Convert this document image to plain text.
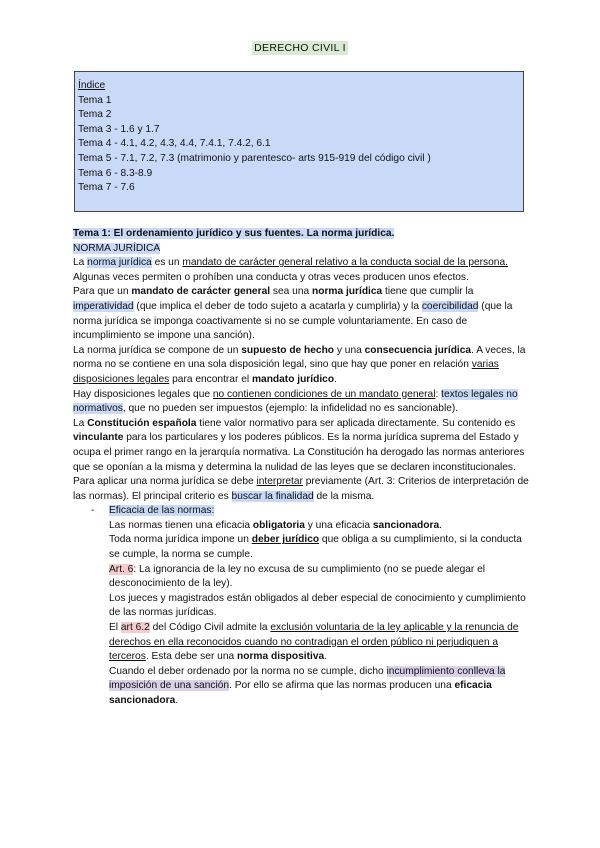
DERECHO CIVIL I
Índice
Tema 1
Tema 2
Tema 3 - 1.6 y 1.7
Tema 4 - 4.1, 4.2, 4.3, 4.4, 7.4.1, 7.4.2, 6.1
Tema 5 - 7.1, 7.2, 7.3 (matrimonio y parentesco- arts 915-919 del código civil )
Tema 6 - 8.3-8.9
Tema 7 - 7.6

Tema 1: El ordenamiento jurídico y sus fuentes. La norma jurídica.

NORMA JURÍDICA

La norma jurídica es un mandato de carácter general relativo a la conducta social de la persona. Algunas veces permiten o prohíben una conducta y otras veces producen unos efectos.

Para que un mandato de carácter general sea una norma jurídica tiene que cumplir la imperatividad (que implica el deber de todo sujeto a acatarla y cumplirla) y la coercibilidad (que la norma jurídica se imponga coactivamente si no se cumple voluntariamente. En caso de incumplimiento se impone una sanción).

La norma jurídica se compone de un supuesto de hecho y una consecuencia jurídica. A veces, la norma no se contiene en una sola disposición legal, sino que hay que poner en relación varias disposiciones legales para encontrar el mandato jurídico.

Hay disposiciones legales que no contienen condiciones de un mandato general: textos legales no normativos, que no pueden ser impuestos (ejemplo: la infidelidad no es sancionable).

La Constitución española tiene valor normativo para ser aplicada directamente. Su contenido es vinculante para los particulares y los poderes públicos. Es la norma jurídica suprema del Estado y ocupa el primer rango en la jerarquía normativa. La Constitución ha derogado las normas anteriores que se oponían a la misma y determina la nulidad de las leyes que se declaren inconstitucionales.

Para aplicar una norma jurídica se debe interpretar previamente (Art. 3: Criterios de interpretación de las normas). El principal criterio es buscar la finalidad de la misma.

- Eficacia de las normas:

Las normas tienen una eficacia obligatoria y una eficacia sancionadora.

Toda norma jurídica impone un deber jurídico que obliga a su cumplimiento, si la conducta se cumple, la norma se cumple.

Art. 6: La ignorancia de la ley no excusa de su cumplimiento (no se puede alegar el desconocimiento de la ley).

Los jueces y magistrados están obligados al deber especial de conocimiento y cumplimiento de las normas jurídicas.

El art 6.2 del Código Civil admite la exclusión voluntaria de la ley aplicable y la renuncia de derechos en ella reconocidos cuando no contradigan el orden público ni perjudiquen a terceros. Esta debe ser una norma dispositiva.

Cuando el deber ordenado por la norma no se cumple, dicho incumplimiento conlleva la imposición de una sanción. Por ello se afirma que las normas producen una eficacia sancionadora.
